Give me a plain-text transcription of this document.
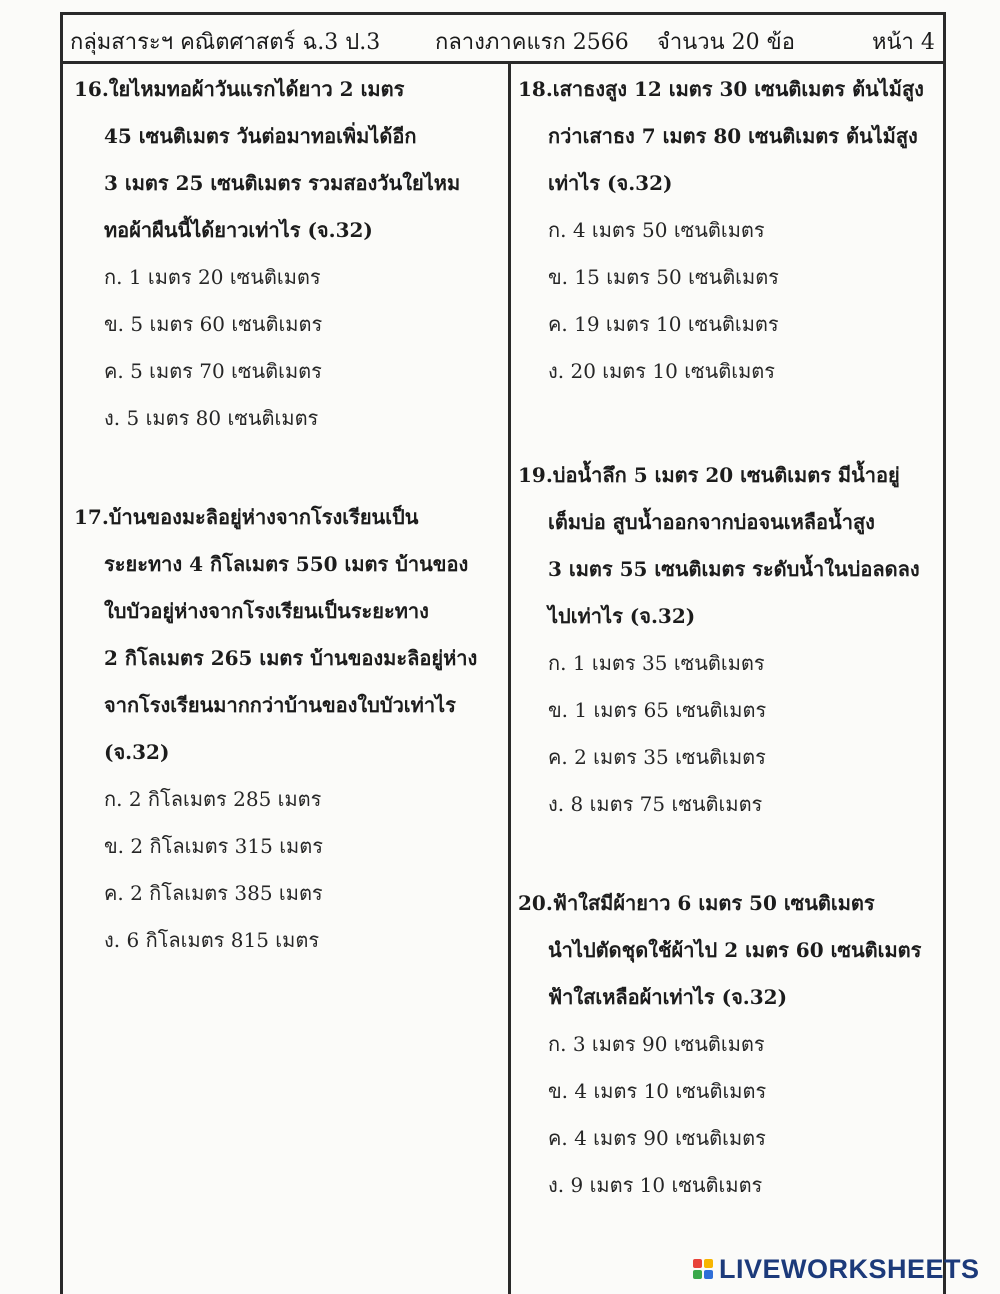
กลุ่มสาระฯ คณิตศาสตร์ ฉ.3 ป.3 กลางภาคแรก 2566 จำนวน 20 ข้อ	หน้า 4
16.ใยไหมทอผ้าวันแรกได้ยาว 2 เมตร
45 เซนติเมตร วันต่อมาทอเพิ่มได้อีก
3 เมตร 25 เซนติเมตร รวมสองวันใยไหม
ทอผ้าผืนนี้ได้ยาวเท่าไร (จ.32)
ก. 1 เมตร 20 เซนติเมตร
ข. 5 เมตร 60 เซนติเมตร
ค. 5 เมตร 70 เซนติเมตร
ง. 5 เมตร 80 เซนติเมตร
17.บ้านของมะลิอยู่ห่างจากโรงเรียนเป็น
ระยะทาง 4 กิโลเมตร 550 เมตร บ้านของ
ใบบัวอยู่ห่างจากโรงเรียนเป็นระยะทาง
2 กิโลเมตร 265 เมตร บ้านของมะลิอยู่ห่าง
จากโรงเรียนมากกว่าบ้านของใบบัวเท่าไร
(จ.32)
ก. 2 กิโลเมตร 285 เมตร
ข. 2 กิโลเมตร 315 เมตร
ค. 2 กิโลเมตร 385 เมตร
ง. 6 กิโลเมตร 815 เมตร
18.เสาธงสูง 12 เมตร 30 เซนติเมตร ต้นไม้สูง
กว่าเสาธง 7 เมตร 80 เซนติเมตร ต้นไม้สูง
เท่าไร (จ.32)
ก. 4 เมตร 50 เซนติเมตร
ข. 15 เมตร 50 เซนติเมตร
ค. 19 เมตร 10 เซนติเมตร
ง. 20 เมตร 10 เซนติเมตร
19.บ่อน้ำลึก 5 เมตร 20 เซนติเมตร มีน้ำอยู่
เต็มบ่อ สูบน้ำออกจากบ่อจนเหลือน้ำสูง
3 เมตร 55 เซนติเมตร ระดับน้ำในบ่อลดลง
ไปเท่าไร (จ.32)
ก. 1 เมตร 35 เซนติเมตร
ข. 1 เมตร 65 เซนติเมตร
ค. 2 เมตร 35 เซนติเมตร
ง. 8 เมตร 75 เซนติเมตร
20.ฟ้าใสมีผ้ายาว 6 เมตร 50 เซนติเมตร
นำไปตัดชุดใช้ผ้าไป 2 เมตร 60 เซนติเมตร
ฟ้าใสเหลือผ้าเท่าไร (จ.32)
ก. 3 เมตร 90 เซนติเมตร
ข. 4 เมตร 10 เซนติเมตร
ค. 4 เมตร 90 เซนติเมตร
ง. 9 เมตร 10 เซนติเมตร
LIVEWORKSHEETS
